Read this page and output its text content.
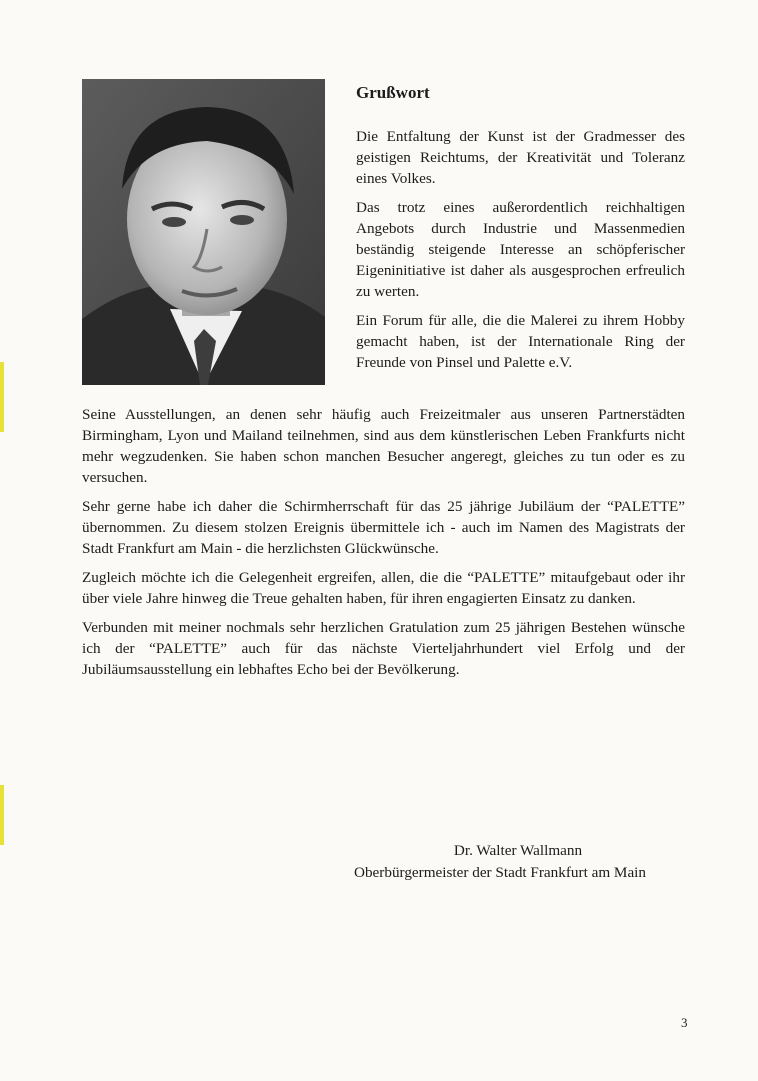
Grußwort

Die Entfaltung der Kunst ist der Gradmesser des geistigen Reichtums, der Kreativität und Toleranz eines Volkes.

Das trotz eines außerordentlich reichhaltigen Angebots durch Industrie und Massenmedien beständig steigende Interesse an schöpferischer Eigeninitiative ist daher als ausgesprochen erfreulich zu werten.

Ein Forum für alle, die die Malerei zu ihrem Hobby gemacht haben, ist der Internationale Ring der Freunde von Pinsel und Palette e.V.

Seine Ausstellungen, an denen sehr häufig auch Freizeitmaler aus unseren Partnerstädten Birmingham, Lyon und Mailand teilnehmen, sind aus dem künstlerischen Leben Frankfurts nicht mehr wegzudenken. Sie haben schon manchen Besucher angeregt, gleiches zu tun oder es zu versuchen.

Sehr gerne habe ich daher die Schirmherrschaft für das 25 jährige Jubiläum der “PALETTE” übernommen. Zu diesem stolzen Ereignis übermittele ich - auch im Namen des Magistrats der Stadt Frankfurt am Main - die herzlichsten Glückwünsche.

Zugleich möchte ich die Gelegenheit ergreifen, allen, die die “PALETTE” mitaufgebaut oder ihr über viele Jahre hinweg die Treue gehalten haben, für ihren engagierten Einsatz zu danken.

Verbunden mit meiner nochmals sehr herzlichen Gratulation zum 25 jährigen Bestehen wünsche ich der “PALETTE” auch für das nächste Vierteljahrhundert viel Erfolg und der Jubiläumsausstellung ein lebhaftes Echo bei der Bevölkerung.

Dr. Walter Wallmann
Oberbürgermeister der Stadt Frankfurt am Main
3
